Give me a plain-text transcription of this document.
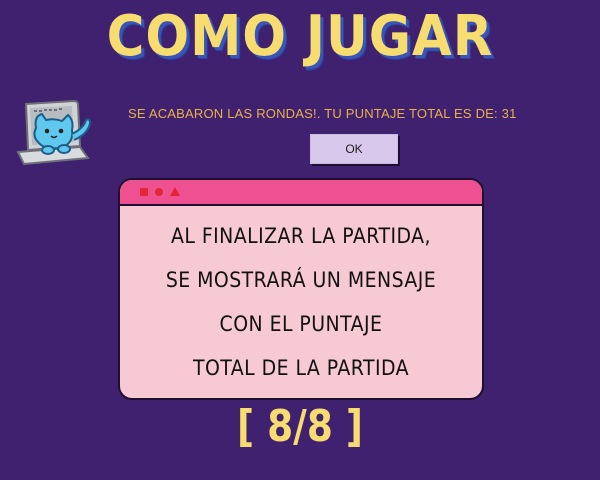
COMO JUGAR
SE ACABARON LAS RONDAS!. TU PUNTAJE TOTAL ES DE: 31
OK
AL FINALIZAR LA PARTIDA,
SE MOSTRARÁ UN MENSAJE
CON EL PUNTAJE
TOTAL DE LA PARTIDA
[ 8/8 ]
